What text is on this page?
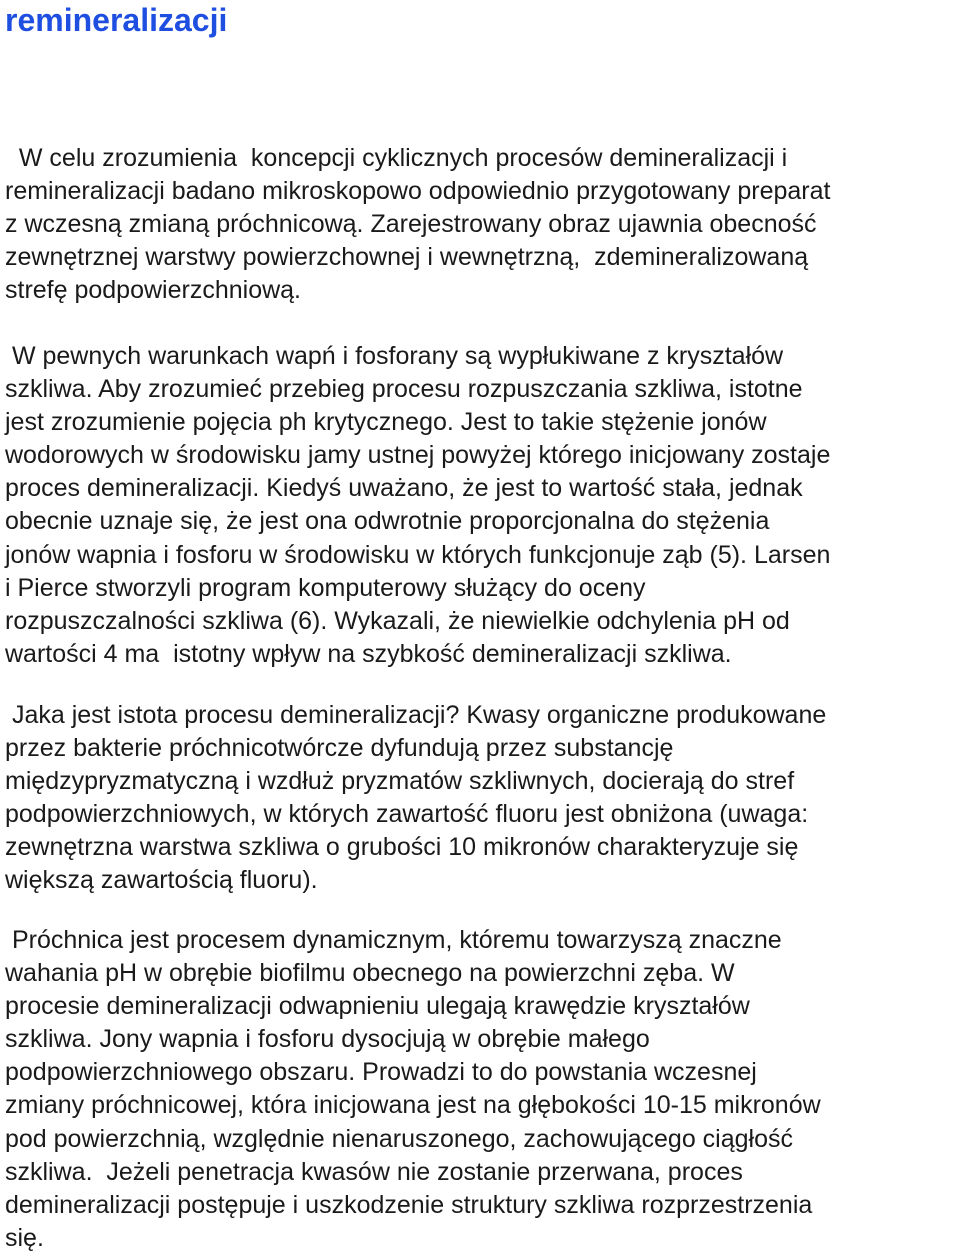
remineralizacji

W celu zrozumienia  koncepcji cyklicznych procesów demineralizacji i
remineralizacji badano mikroskopowo odpowiednio przygotowany preparat
z wczesną zmianą próchnicową. Zarejestrowany obraz ujawnia obecność
zewnętrznej warstwy powierzchownej i wewnętrzną,  zdemineralizowaną
strefę podpowierzchniową.

W pewnych warunkach wapń i fosforany są wypłukiwane z kryształów
szkliwa. Aby zrozumieć przebieg procesu rozpuszczania szkliwa, istotne
jest zrozumienie pojęcia ph krytycznego. Jest to takie stężenie jonów
wodorowych w środowisku jamy ustnej powyżej którego inicjowany zostaje
proces demineralizacji. Kiedyś uważano, że jest to wartość stała, jednak
obecnie uznaje się, że jest ona odwrotnie proporcjonalna do stężenia
jonów wapnia i fosforu w środowisku w których funkcjonuje ząb (5). Larsen
i Pierce stworzyli program komputerowy służący do oceny
rozpuszczalności szkliwa (6). Wykazali, że niewielkie odchylenia pH od
wartości 4 ma  istotny wpływ na szybkość demineralizacji szkliwa.

Jaka jest istota procesu demineralizacji? Kwasy organiczne produkowane
przez bakterie próchnicotwórcze dyfundują przez substancję
międzypryzmatyczną i wzdłuż pryzmatów szkliwnych, docierają do stref
podpowierzchniowych, w których zawartość fluoru jest obniżona (uwaga:
zewnętrzna warstwa szkliwa o grubości 10 mikronów charakteryzuje się
większą zawartością fluoru).

Próchnica jest procesem dynamicznym, któremu towarzyszą znaczne
wahania pH w obrębie biofilmu obecnego na powierzchni zęba. W
procesie demineralizacji odwapnieniu ulegają krawędzie kryształów
szkliwa. Jony wapnia i fosforu dysocjują w obrębie małego
podpowierzchniowego obszaru. Prowadzi to do powstania wczesnej
zmiany próchnicowej, która inicjowana jest na głębokości 10-15 mikronów
pod powierzchnią, względnie nienaruszonego, zachowującego ciągłość
szkliwa.  Jeżeli penetracja kwasów nie zostanie przerwana, proces
demineralizacji postępuje i uszkodzenie struktury szkliwa rozprzestrzenia
się.
